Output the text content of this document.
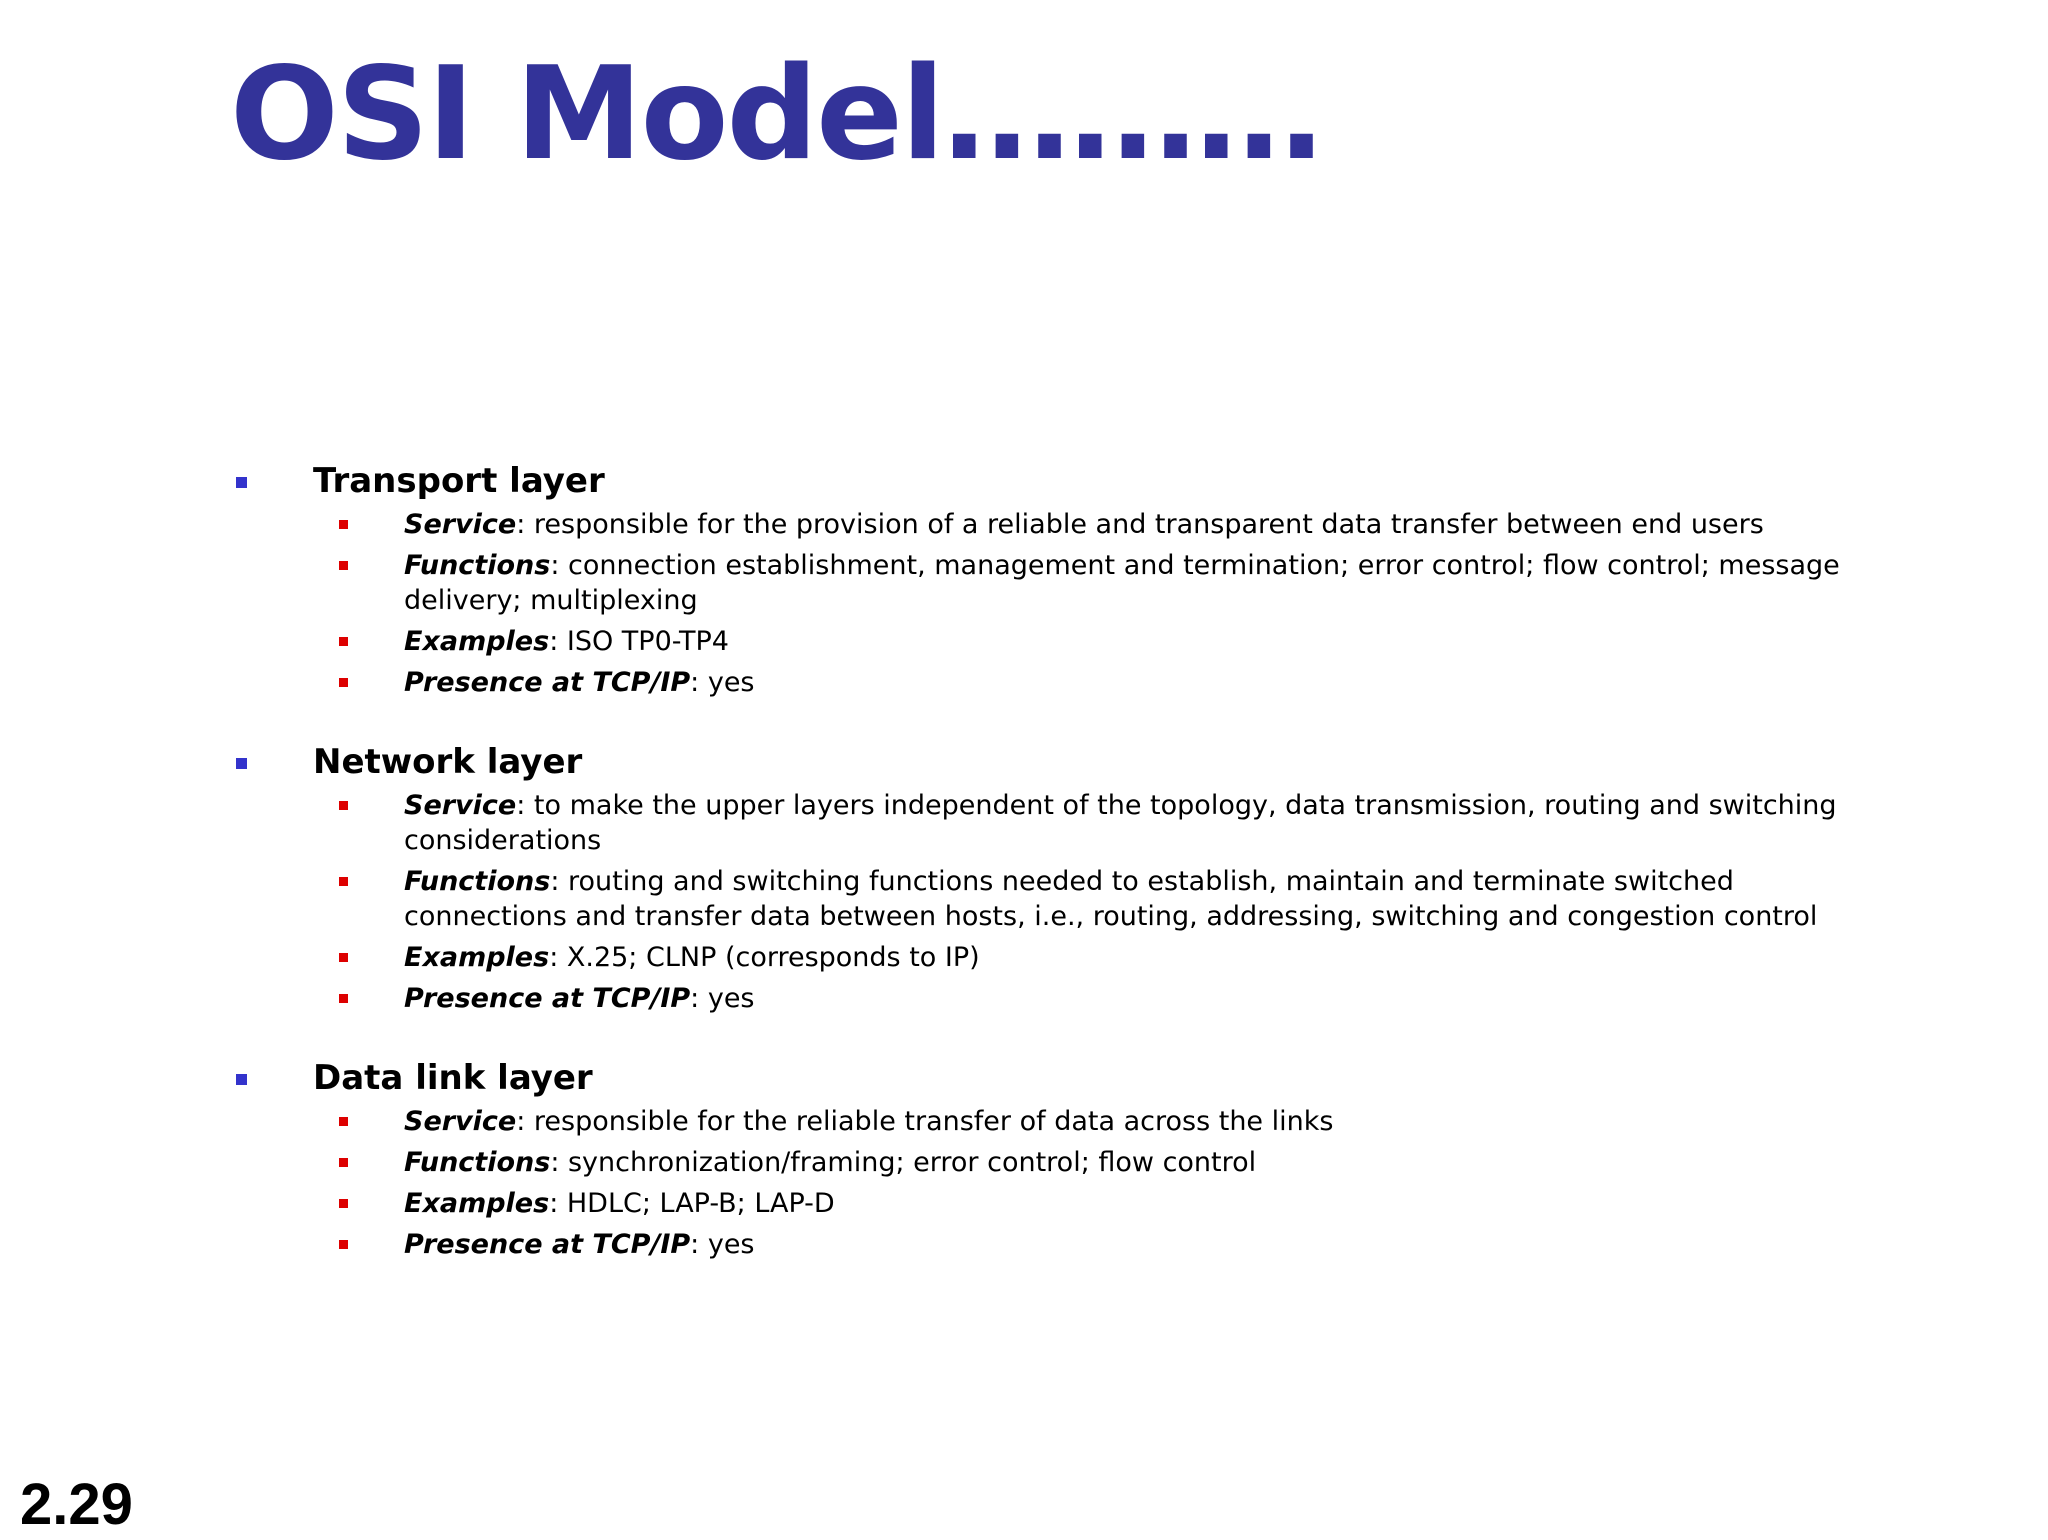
OSI Model………
Transport layer
Service: responsible for the provision of a reliable and transparent data transfer between end users
Functions: connection establishment, management and termination; error control; flow control; message delivery; multiplexing
Examples: ISO TP0-TP4
Presence at TCP/IP: yes
Network layer
Service: to make the upper layers independent of the topology, data transmission, routing and switching considerations
Functions: routing and switching functions needed to establish, maintain and terminate switched connections and transfer data between hosts, i.e., routing, addressing, switching and congestion control
Examples: X.25; CLNP (corresponds to IP)
Presence at TCP/IP: yes
Data link layer
Service: responsible for the reliable transfer of data across the links
Functions: synchronization/framing; error control; flow control
Examples: HDLC; LAP-B; LAP-D
Presence at TCP/IP: yes
2.29
